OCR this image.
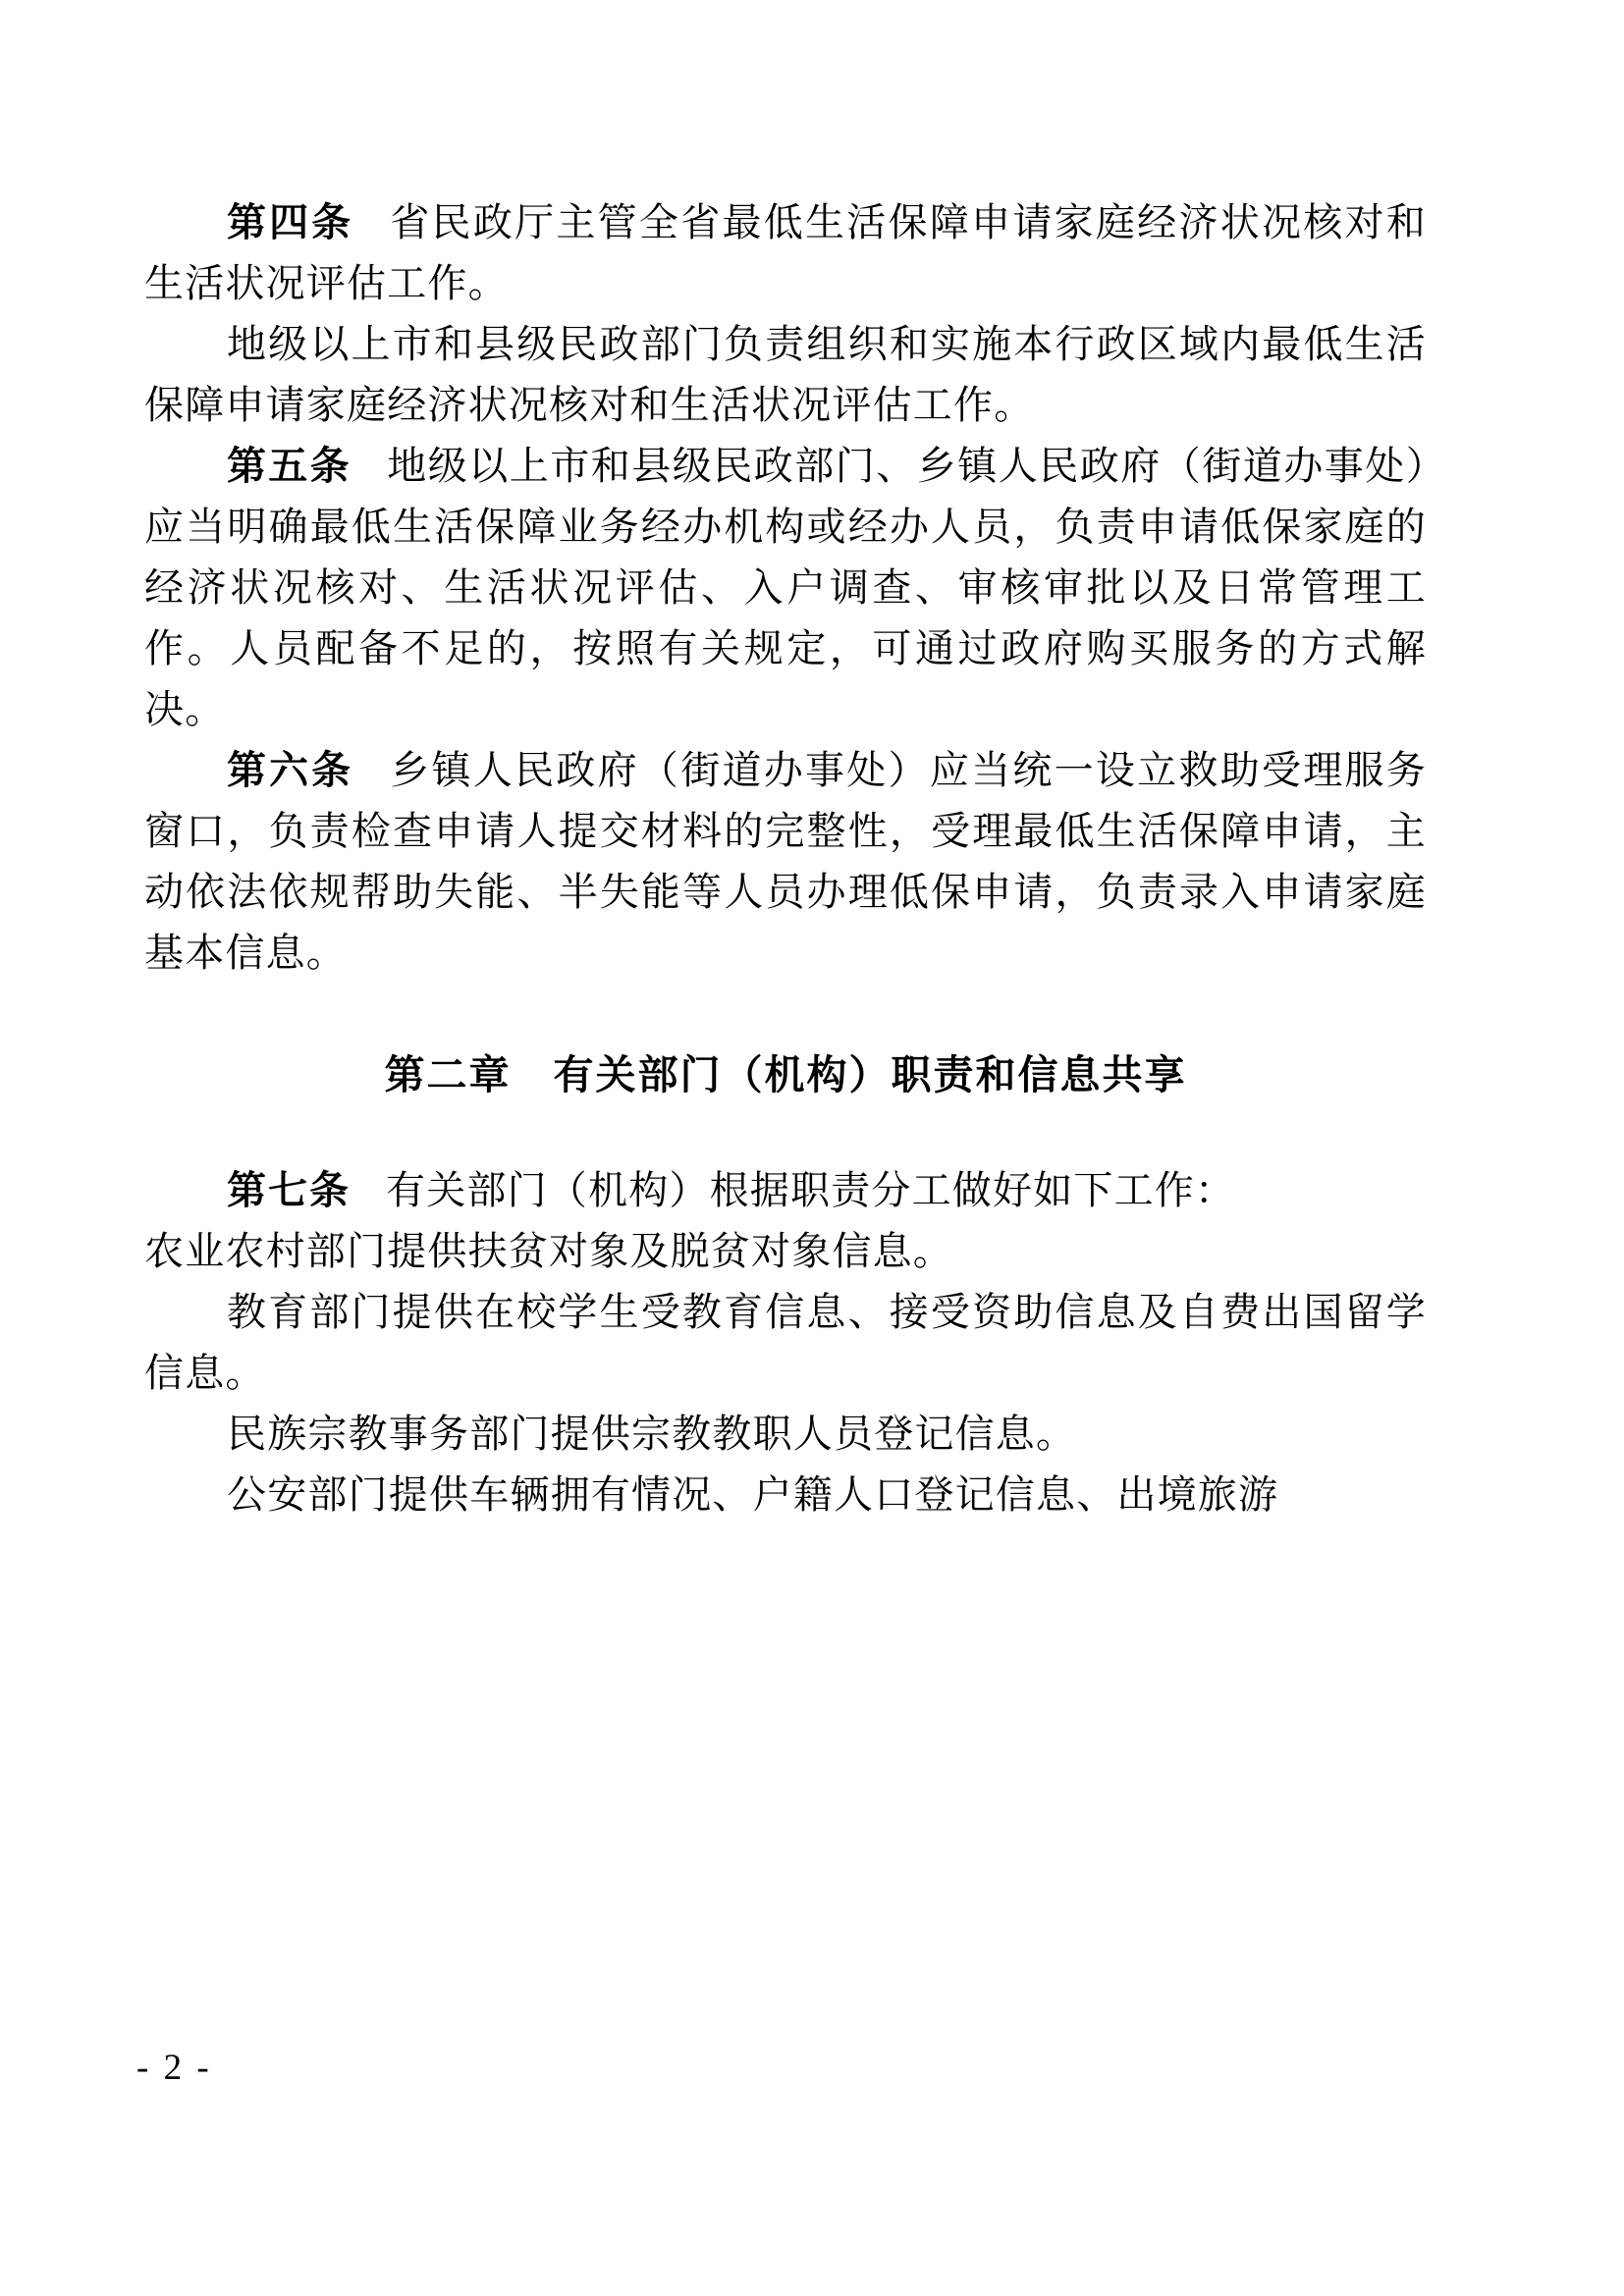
第四条 省民政厅主管全省最低生活保障申请家庭经济状况核对和生活状况评估工作。

地级以上市和县级民政部门负责组织和实施本行政区域内最低生活保障申请家庭经济状况核对和生活状况评估工作。

第五条 地级以上市和县级民政部门、乡镇人民政府（街道办事处）应当明确最低生活保障业务经办机构或经办人员，负责申请低保家庭的经济状况核对、生活状况评估、入户调查、审核审批以及日常管理工作。人员配备不足的，按照有关规定，可通过政府购买服务的方式解决。

第六条 乡镇人民政府（街道办事处）应当统一设立救助受理服务窗口，负责检查申请人提交材料的完整性，受理最低生活保障申请，主动依法依规帮助失能、半失能等人员办理低保申请，负责录入申请家庭基本信息。

第二章　有关部门（机构）职责和信息共享

第七条 有关部门（机构）根据职责分工做好如下工作：

农业农村部门提供扶贫对象及脱贫对象信息。

教育部门提供在校学生受教育信息、接受资助信息及自费出国留学信息。

民族宗教事务部门提供宗教教职人员登记信息。

公安部门提供车辆拥有情况、户籍人口登记信息、出境旅游

- 2 -
